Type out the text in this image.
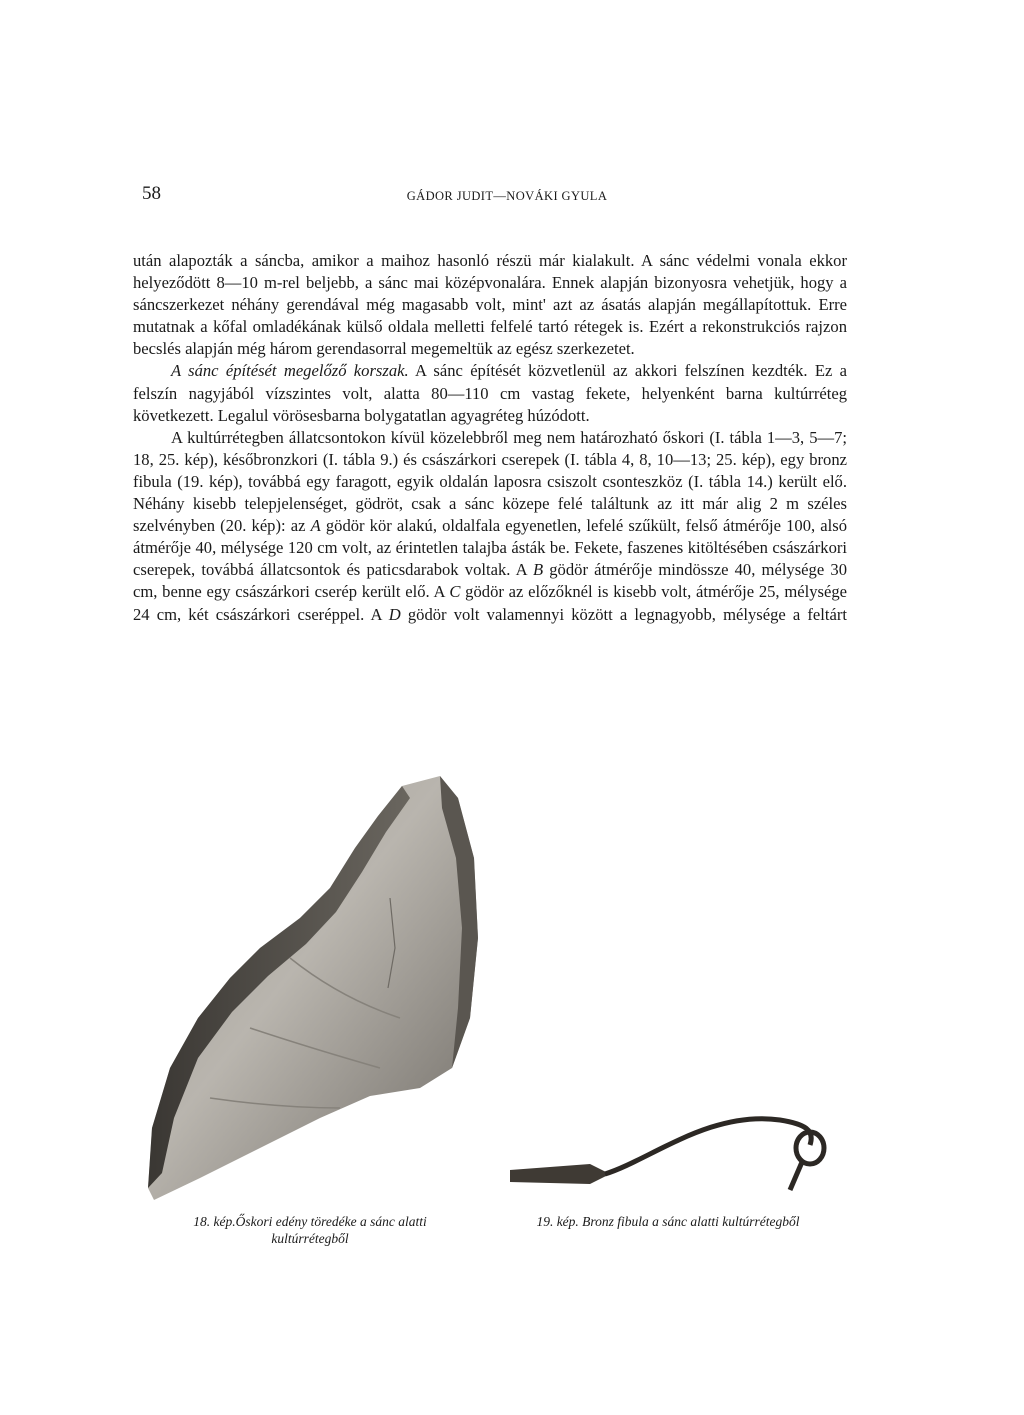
58	GÁDOR JUDIT—NOVÁKI GYULA

után alapozták a sáncba, amikor a maihoz hasonló részü már kialakult. A sánc védelmi vonala ekkor helyeződött 8—10 m-rel beljebb, a sánc mai középvonalára. Ennek alapján bizonyosra vehetjük, hogy a sáncszerkezet néhány gerendával még magasabb volt, mint' azt az ásatás alapján megállapítottuk. Erre mutatnak a kőfal omladékának külső oldala melletti felfelé tartó rétegek is. Ezért a rekonstrukciós rajzon becslés alapján még három gerendasorral megemeltük az egész szerkezetet.

A sánc építését megelőző korszak. A sánc építését közvetlenül az akkori felszínen kezdték. Ez a felszín nagyjából vízszintes volt, alatta 80—110 cm vastag fekete, helyenként barna kultúrréteg következett. Legalul vörösesbarna bolygatatlan agyagréteg húzódott.

A kultúrrétegben állatcsontokon kívül közelebbről meg nem határozható őskori (I. tábla 1—3, 5—7; 18, 25. kép), későbronzkori (I. tábla 9.) és császárkori cserepek (I. tábla 4, 8, 10—13; 25. kép), egy bronz fibula (19. kép), továbbá egy faragott, egyik oldalán laposra csiszolt csonteszköz (I. tábla 14.) került elő. Néhány kisebb telepjelenséget, gödröt, csak a sánc közepe felé találtunk az itt már alig 2 m széles szelvényben (20. kép): az A gödör kör alakú, oldalfala egyenetlen, lefelé szűkült, felső átmérője 100, alsó átmérője 40, mélysége 120 cm volt, az érintetlen talajba ásták be. Fekete, faszenes kitöltésében császárkori cserepek, továbbá állatcsontok és paticsdarabok voltak. A B gödör átmérője mindössze 40, mélysége 30 cm, benne egy császárkori cserép került elő. A C gödör az előzőknél is kisebb volt, átmérője 25, mélysége 24 cm, két császárkori cseréppel. A D gödör volt valamennyi között a legnagyobb, mélysége a feltárt

18. kép.Őskori edény töredéke a sánc alatti
kultúrrétegből
19. kép. Bronz fibula a sánc alatti kultúrrétegből
